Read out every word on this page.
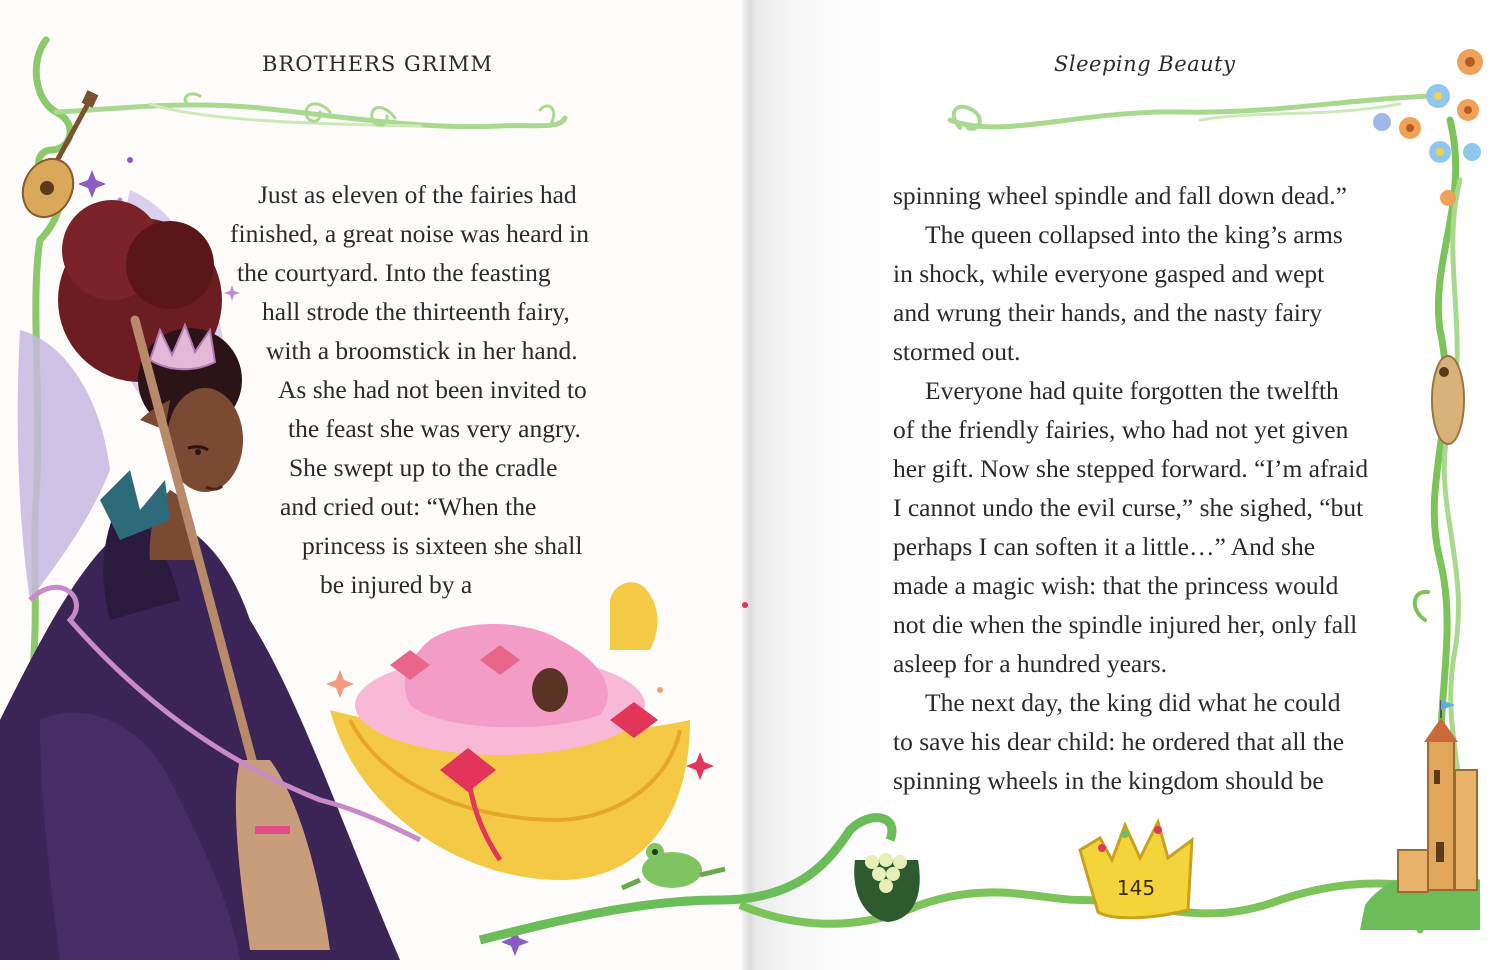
BROTHERS GRIMM	Sleeping Beauty
Just as eleven of the fairies had
finished, a great noise was heard in
the courtyard. Into the feasting
hall strode the thirteenth fairy,
with a broomstick in her hand.
As she had not been invited to
the feast she was very angry.
She swept up to the cradle
and cried out: “When the
princess is sixteen she shall
be injured by a
spinning wheel spindle and fall down dead.”
The queen collapsed into the king’s arms
in shock, while everyone gasped and wept
and wrung their hands, and the nasty fairy
stormed out.
Everyone had quite forgotten the twelfth
of the friendly fairies, who had not yet given
her gift. Now she stepped forward. “I’m afraid
I cannot undo the evil curse,” she sighed, “but
perhaps I can soften it a little…” And she
made a magic wish: that the princess would
not die when the spindle injured her, only fall
asleep for a hundred years.
The next day, the king did what he could
to save his dear child: he ordered that all the
spinning wheels in the kingdom should be
145
